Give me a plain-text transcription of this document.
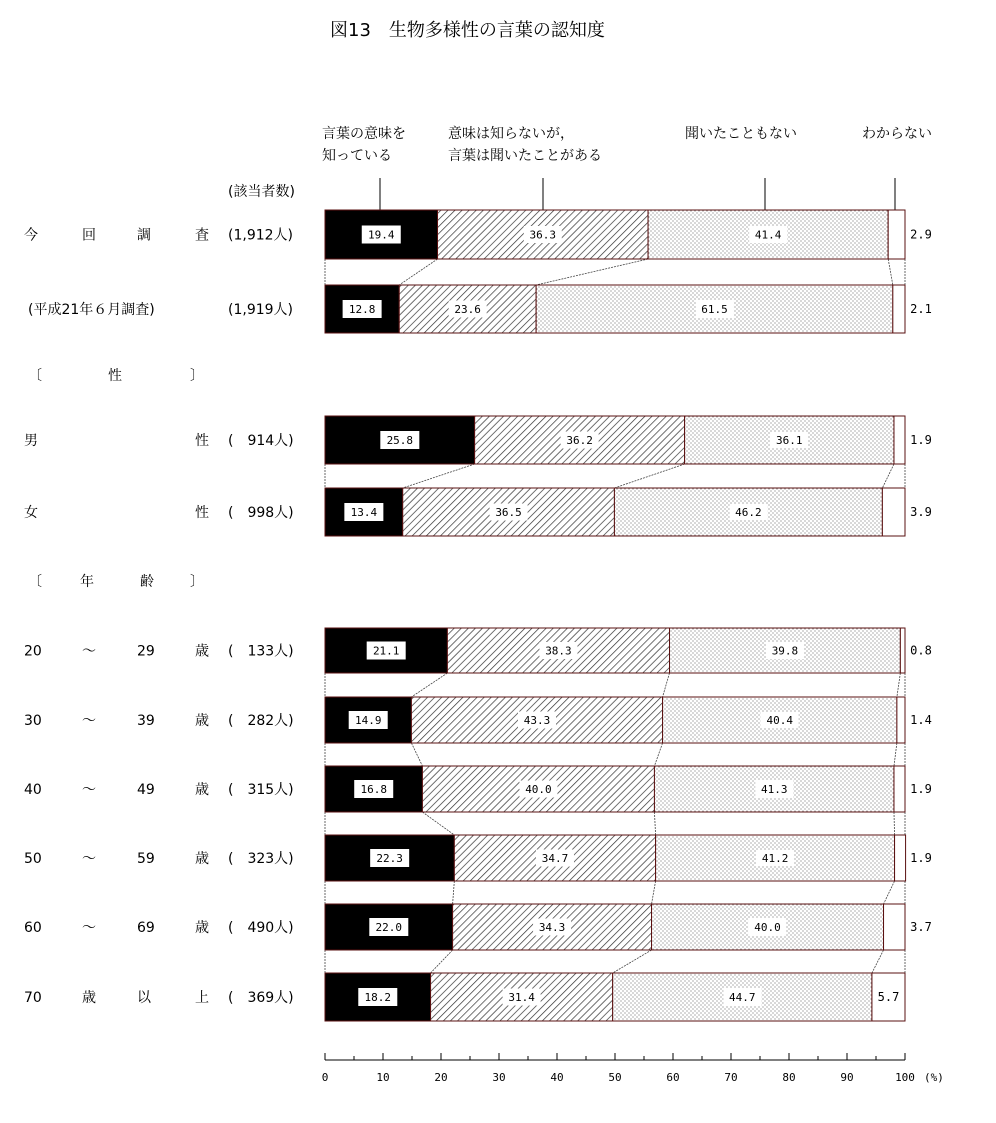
図13　生物多様性の言葉の認知度
(該当者数)
言葉の意味を
知っている
意味は知らないが，
言葉は聞いたことがある
聞いたこともない	わからない
〔	性	〕
〔	年	齢	〕
今	回	調	査 (1,912人)	19.4	36.3	41.4	2.9
(平成21年６月調査)	(1,919人)	12.8	23.6	61.5	2.1
男	性 (　914人)	25.8	36.2	36.1	1.9
女	性 (　998人)	13.4	36.5	46.2	3.9
20	～	29	歳 (　133人)	21.1	38.3	39.8	0.8
30	～	39	歳 (　282人)	14.9	43.3	40.4	1.4
40	～	49	歳 (　315人)	16.8	40.0	41.3	1.9
50	～	59	歳 (　323人)	22.3	34.7	41.2	1.9
60	～	69	歳 (　490人)	22.0	34.3	40.0	3.7
70	歳	以	上 (　369人)	18.2	31.4	44.7	5.7
0	10	20	30	40	50	60	70	80	90	100 (%)
